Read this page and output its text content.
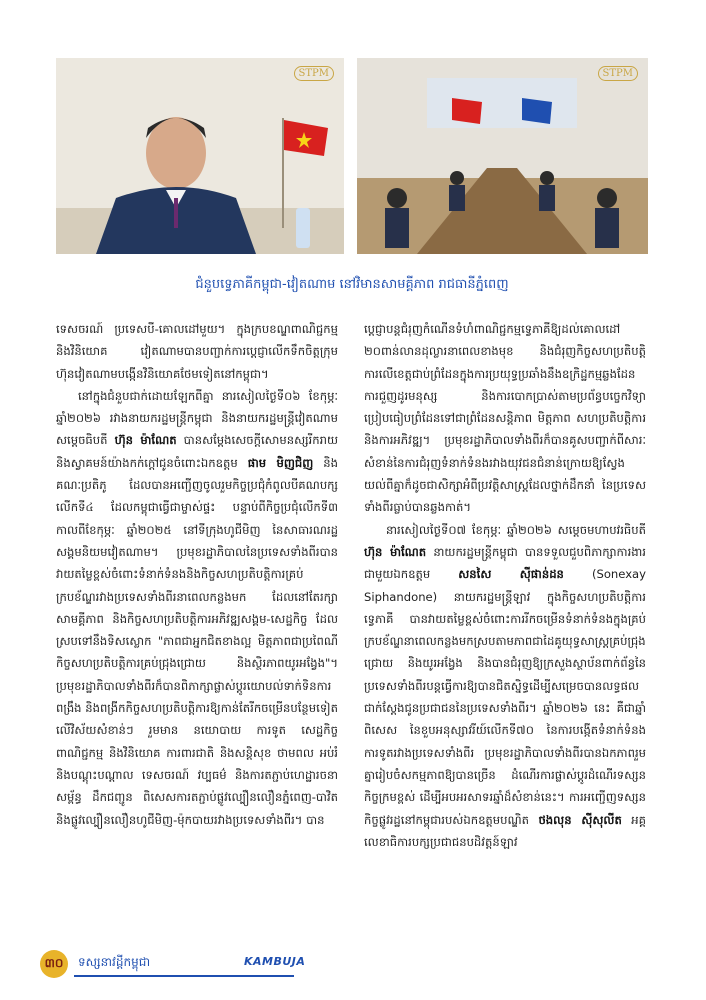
STPM	STPM
ជំនួបទ្វេភាគីកម្ពុជា-វៀតណាម នៅវិមានសាមគ្គីភាព រាជធានីភ្នំពេញ

ទេសចរណ៍ ប្រទេសបី-គោលដៅមួយ។ ក្នុងក្របខណ្ឌពាណិជ្ជកម្ម និងវិនិយោគ វៀតណាមបានបញ្ជាក់ការប្តេជ្ញាលើកទឹកចិត្តក្រុមហ៊ុនវៀតណាមបង្កើនវិនិយោគថែមទៀតនៅកម្ពុជា។

នៅក្នុងជំនួបជាក់ដោយឡែកពីគ្នា នារសៀលថ្ងៃទី០៦ ខែកុម្ភៈ ឆ្នាំ២០២៦ រវាងនាយករដ្ឋមន្ត្រីកម្ពុជា និងនាយករដ្ឋមន្ត្រីវៀតណាម សម្តេចធិបតី ហ៊ុន ម៉ាណែត បានសម្តែងសេចក្តីសោមនស្សរីករាយ និងស្វាគមន៍យ៉ាងកក់ក្តៅជូនចំពោះឯកឧត្តម ផាម មិញជិញ និងគណៈប្រតិភូ ដែលបានអញ្ជើញចូលរួមកិច្ចប្រជុំកំពូលបីគណបក្សលើកទី៤ ដែលកម្ពុជាធ្វើជាម្ចាស់ផ្ទះ បន្ទាប់ពីកិច្ចប្រជុំលើកទី៣ កាលពីខែកុម្ភៈ ឆ្នាំ២០២៥ នៅទីក្រុងហូជីមិញ នៃសាធារណរដ្ឋសង្គមនិយមវៀតណាម។ ប្រមុខរដ្ឋាភិបាលនៃប្រទេសទាំងពីរបានវាយតម្លៃខ្ពស់ចំពោះទំនាក់ទំនងនិងកិច្ចសហប្រតិបត្តិការគ្រប់ក្របខ័ណ្ឌរវាងប្រទេសទាំងពីរនាពេលកន្លងមក ដែលនៅតែរក្សាសាមគ្គីភាព និងកិច្ចសហប្រតិបត្តិការអភិវឌ្ឍសង្គម-សេដ្ឋកិច្ច ដែលស្របទៅនឹងទិសស្លោក "ភាពជាអ្នកជិតខាងល្អ មិត្តភាពជាប្រពៃណី កិច្ចសហប្រតិបត្តិការគ្រប់ជ្រុងជ្រោយ និងស្ថិរភាពយូរអង្វែង"។ ប្រមុខរដ្ឋាភិបាលទាំងពីរក៏បានពិភាក្សាផ្លាស់ប្តូរយោបល់ទាក់ទិនការពង្រឹង និងពង្រីកកិច្ចសហប្រតិបត្តិការឱ្យកាន់តែរីកចម្រើនបន្ថែមទៀត លើវិស័យសំខាន់ៗ រួមមាន នយោបាយ ការទូត សេដ្ឋកិច្ច ពាណិជ្ជកម្ម និងវិនិយោគ ការពារជាតិ និងសន្តិសុខ ថាមពល អប់រំនិងបណ្តុះបណ្តាល ទេសចរណ៍ វប្បធម៌ និងការតភ្ជាប់ហេដ្ឋារចនាសម្ព័ន្ធ ដឹកជញ្ជូន ពិសេសការតភ្ជាប់ផ្លូវល្បឿនលឿនភ្នំពេញ-បាវិត និងផ្លូវល្បឿនលឿនហូជីមិញ-ម៉ុកបាយរវាងប្រទេសទាំងពីរ។ បាន

ប្តេជ្ញាបន្តជំរុញកំណើនទំហំពាណិជ្ជកម្មទ្វេភាគីឱ្យដល់គោលដៅ ២០ពាន់លានដុល្លារនាពេលខាងមុខ និងជំរុញកិច្ចសហប្រតិបត្តិការលើខេត្តជាប់ព្រំដែនក្នុងការប្រយុទ្ធប្រឆាំងនឹងឧក្រិដ្ឋកម្មឆ្លងដែន ការជួញដូរមនុស្ស និងការបោកប្រាស់តាមប្រព័ន្ធបច្ចេកវិទ្យា ប្រៀបធៀបព្រំដែនទៅជាព្រំដែនសន្តិភាព មិត្តភាព សហប្រតិបត្តិការ និងការអភិវឌ្ឍ។ ប្រមុខរដ្ឋាភិបាលទាំងពីរក៏បានគូសបញ្ជាក់ពីសារៈសំខាន់នៃការជំរុញទំនាក់ទំនងរវាងយុវជនជំនាន់ក្រោយឱ្យស្វែងយល់ពីគ្នាក៏ដូចជាសិក្សាអំពីប្រវត្តិសាស្ត្រដែលថ្នាក់ដឹកនាំ នៃប្រទេសទាំងពីរធ្លាប់បានឆ្លងកាត់។

នារសៀលថ្ងៃទី០៧ ខែកុម្ភៈ ឆ្នាំ២០២៦ សម្តេចមហាបវរធិបតី ហ៊ុន ម៉ាណែត នាយករដ្ឋមន្ត្រីកម្ពុជា បានទទួលជួបពិភាក្សាការងារជាមួយឯកឧត្តម សនសៃ ស៊ីផាន់ដន (Sonexay Siphandone) នាយករដ្ឋមន្ត្រីឡាវ ក្នុងកិច្ចសហប្រតិបត្តិការទ្វេភាគី បានវាយតម្លៃខ្ពស់ចំពោះការរីកចម្រើនទំនាក់ទំនងក្នុងគ្រប់ក្របខ័ណ្ឌនាពេលកន្លងមកស្របតាមភាពជាដៃគូយុទ្ធសាស្ត្រគ្រប់ជ្រុងជ្រោយ និងយូរអង្វែង និងបានជំរុញឱ្យក្រសួងស្ថាប័នពាក់ព័ន្ធនៃប្រទេសទាំងពីរបន្តធ្វើការឱ្យបានជិតស្និទ្ធដើម្បីសម្រេចបានលទ្ធផលជាក់ស្តែងជូនប្រជាជននៃប្រទេសទាំងពីរ។ ឆ្នាំ២០២៦ នេះ គឺជាឆ្នាំពិសេស នៃខួបអនុស្សាវរីយ៍លើកទី៧០ នៃការបង្កើតទំនាក់ទំនងការទូតរវាងប្រទេសទាំងពីរ ប្រមុខរដ្ឋាភិបាលទាំងពីរបានឯកភាពរួមគ្នារៀបចំសកម្មភាពឱ្យបានច្រើន ដំណើរការផ្លាស់ប្តូរដំណើរទស្សនកិច្ចក្រមខ្ពស់ ដើម្បីអបអរសាទរឆ្នាំដ៏សំខាន់នេះ។ ការអញ្ជើញទស្សនកិច្ចផ្លូវរដ្ឋនៅកម្ពុជារបស់ឯកឧត្តមបណ្ឌិត ថងលុន ស៊ីសុលីត អគ្គលេខាធិការបក្សប្រជាជនបដិវត្តន៍ឡាវ

៣០	ទស្សនាវដ្ដីកម្ពុជា	KAMBUJA
